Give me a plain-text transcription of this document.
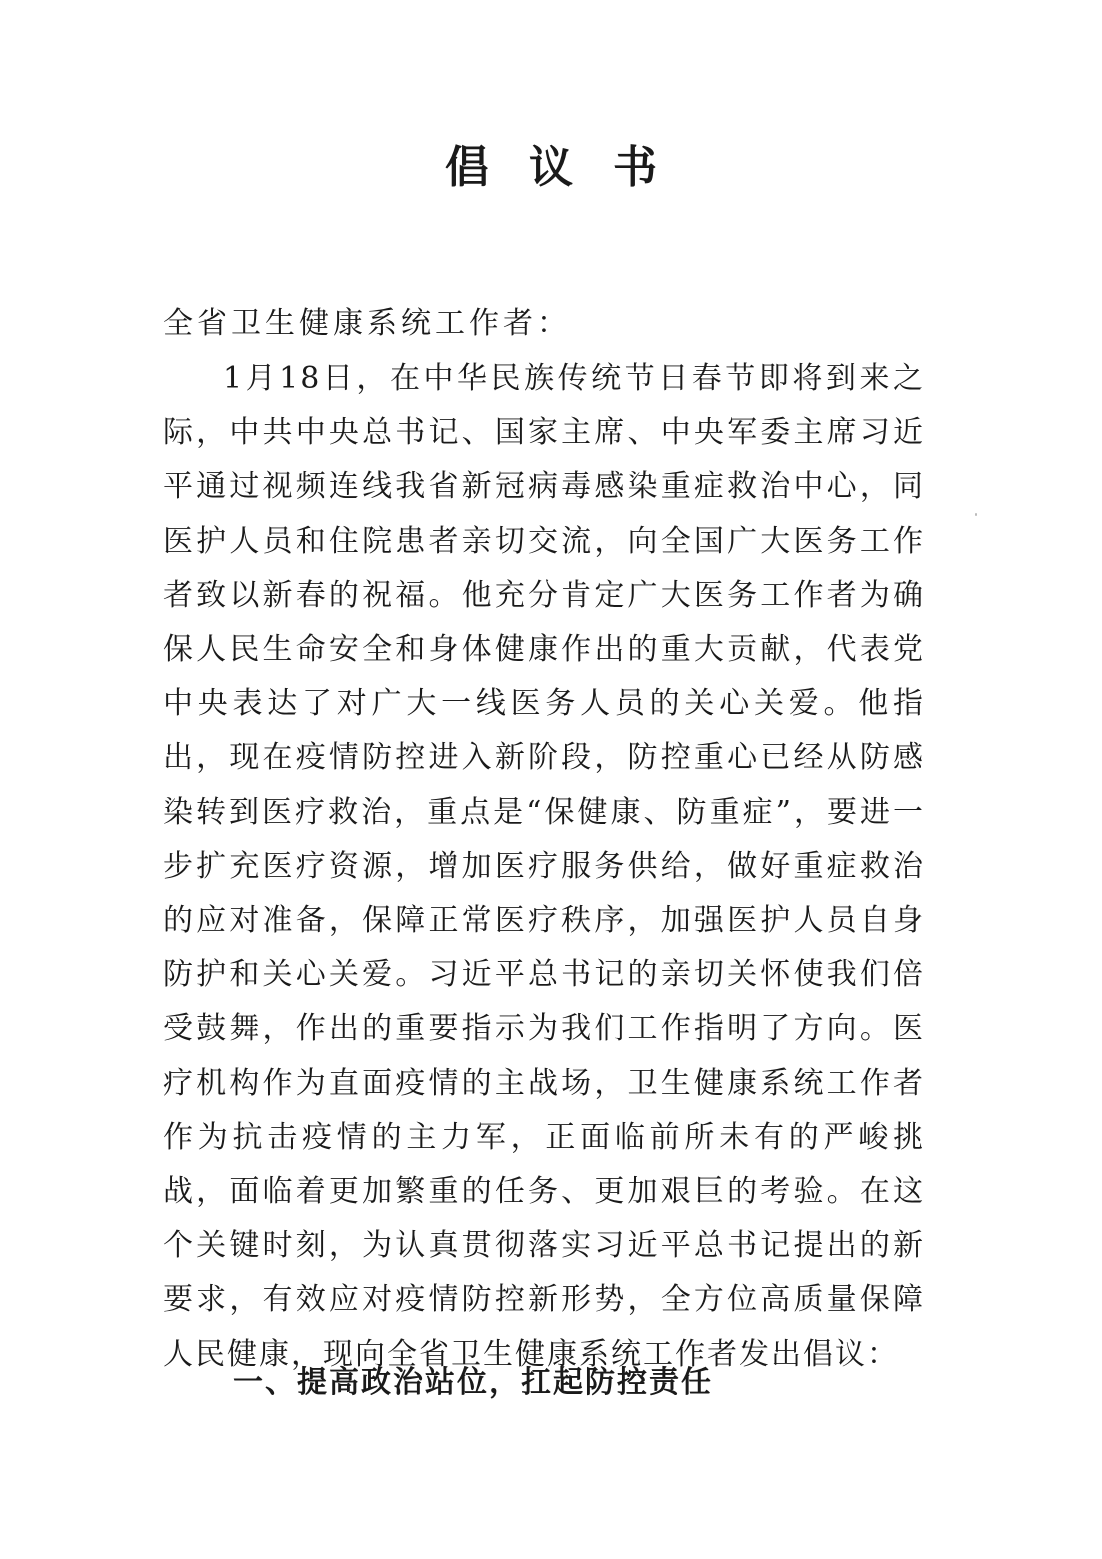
倡议书

全省卫生健康系统工作者：

1月18日，在中华民族传统节日春节即将到来之际，中共中央总书记、国家主席、中央军委主席习近平通过视频连线我省新冠病毒感染重症救治中心，同医护人员和住院患者亲切交流，向全国广大医务工作者致以新春的祝福。他充分肯定广大医务工作者为确保人民生命安全和身体健康作出的重大贡献，代表党中央表达了对广大一线医务人员的关心关爱。他指出，现在疫情防控进入新阶段，防控重心已经从防感染转到医疗救治，重点是“保健康、防重症”，要进一步扩充医疗资源，增加医疗服务供给，做好重症救治的应对准备，保障正常医疗秩序，加强医护人员自身防护和关心关爱。习近平总书记的亲切关怀使我们倍受鼓舞，作出的重要指示为我们工作指明了方向。医疗机构作为直面疫情的主战场，卫生健康系统工作者作为抗击疫情的主力军，正面临前所未有的严峻挑战，面临着更加繁重的任务、更加艰巨的考验。在这个关键时刻，为认真贯彻落实习近平总书记提出的新要求，有效应对疫情防控新形势，全方位高质量保障人民健康，现向全省卫生健康系统工作者发出倡议：

一、提高政治站位，扛起防控责任
